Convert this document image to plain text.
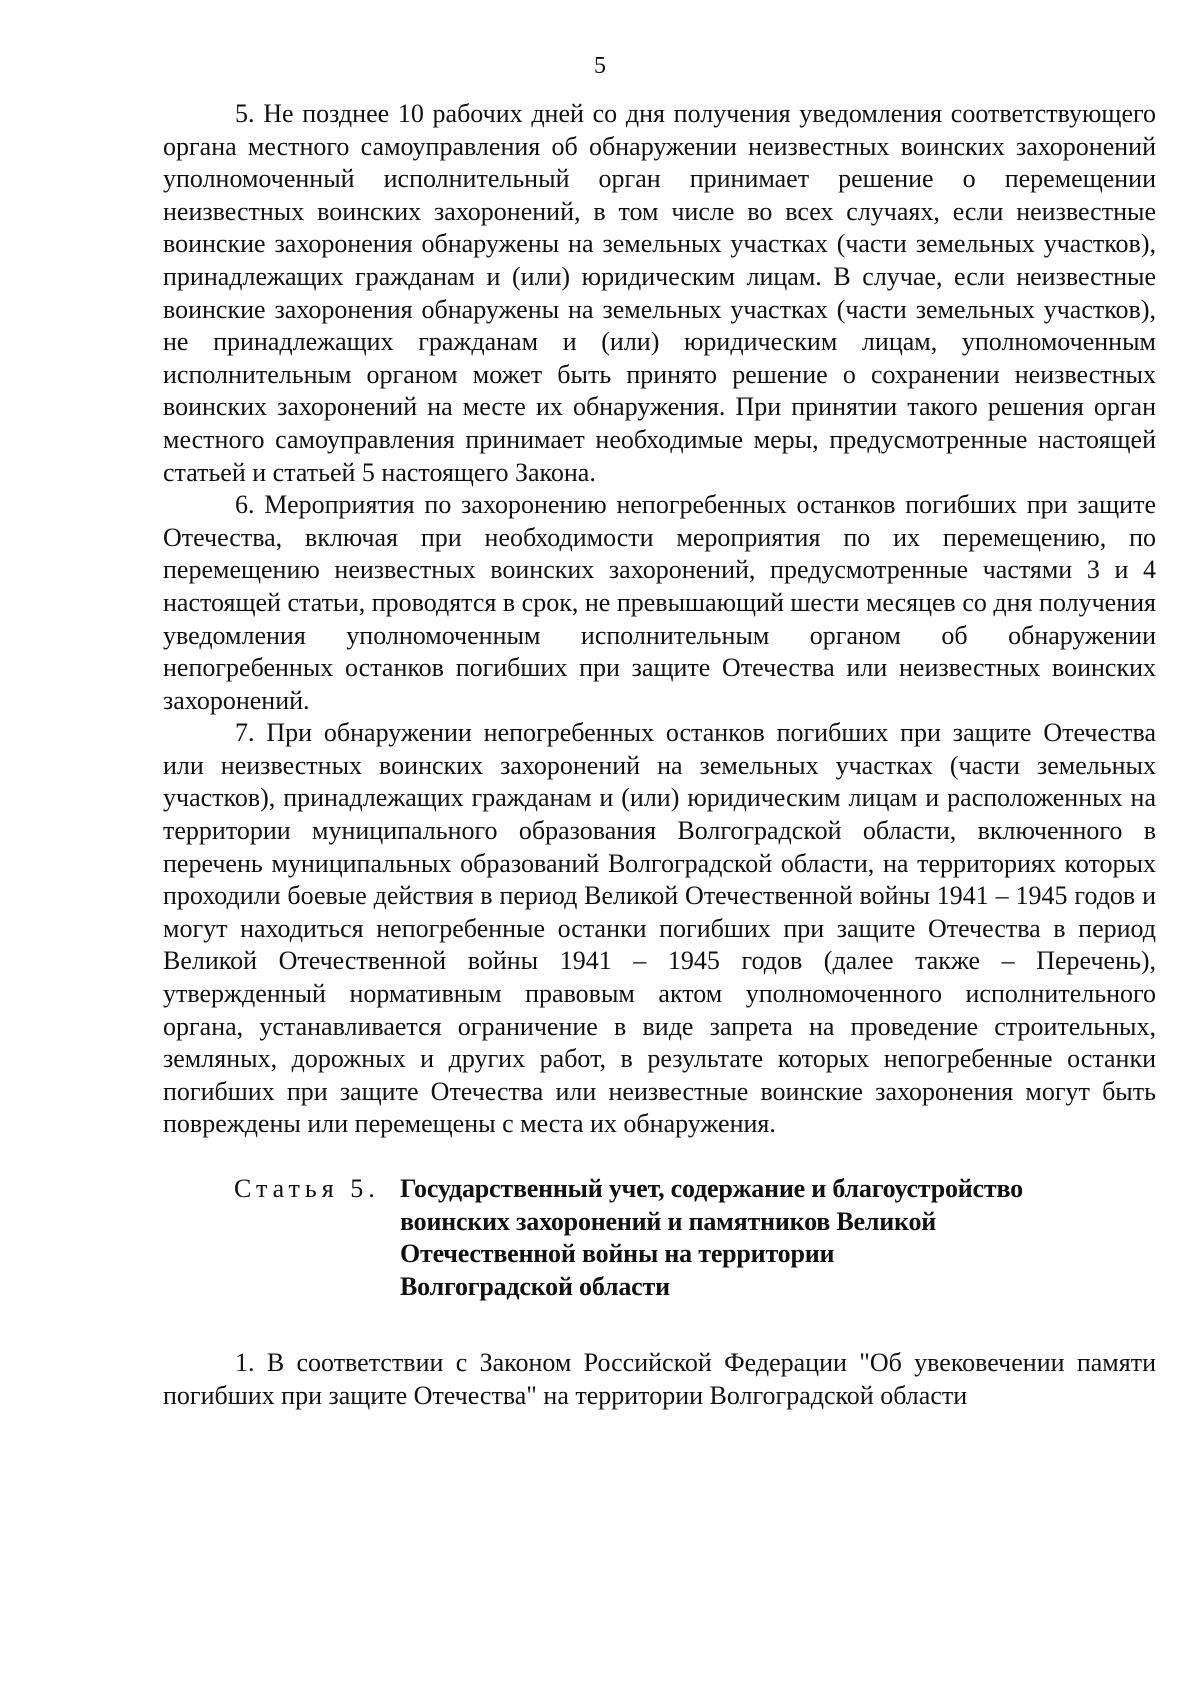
5

5. Не позднее 10 рабочих дней со дня получения уведомления соответствующего органа местного самоуправления об обнаружении неизвестных воинских захоронений уполномоченный исполнительный орган принимает решение о перемещении неизвестных воинских захоронений, в том числе во всех случаях, если неизвестные воинские захоронения обнаружены на земельных участках (части земельных участков), принадлежащих гражданам и (или) юридическим лицам. В случае, если неизвестные воинские захоронения обнаружены на земельных участках (части земельных участков), не принадлежащих гражданам и (или) юридическим лицам, уполномоченным исполнительным органом может быть принято решение о сохранении неизвестных воинских захоронений на месте их обнаружения. При принятии такого решения орган местного самоуправления принимает необходимые меры, предусмотренные настоящей статьей и статьей 5 настоящего Закона.

6. Мероприятия по захоронению непогребенных останков погибших при защите Отечества, включая при необходимости мероприятия по их перемещению, по перемещению неизвестных воинских захоронений, предусмотренные частями 3 и 4 настоящей статьи, проводятся в срок, не превышающий шести месяцев со дня получения уведомления уполномоченным исполнительным органом об обнаружении непогребенных останков погибших при защите Отечества или неизвестных воинских захоронений.

7. При обнаружении непогребенных останков погибших при защите Отечества или неизвестных воинских захоронений на земельных участках (части земельных участков), принадлежащих гражданам и (или) юридическим лицам и расположенных на территории муниципального образования Волгоградской области, включенного в перечень муниципальных образований Волгоградской области, на территориях которых проходили боевые действия в период Великой Отечественной войны 1941 – 1945 годов и могут находиться непогребенные останки погибших при защите Отечества в период Великой Отечественной войны 1941 – 1945 годов (далее также – Перечень), утвержденный нормативным правовым актом уполномоченного исполнительного органа, устанавливается ограничение в виде запрета на проведение строительных, земляных, дорожных и других работ, в результате которых непогребенные останки погибших при защите Отечества или неизвестные воинские захоронения могут быть повреждены или перемещены с места их обнаружения.

Статья 5. Государственный учет, содержание и благоустройство
воинских захоронений и памятников Великой
Отечественной войны на территории
Волгоградской области

1. В соответствии с Законом Российской Федерации "Об увековечении памяти погибших при защите Отечества" на территории Волгоградской области
